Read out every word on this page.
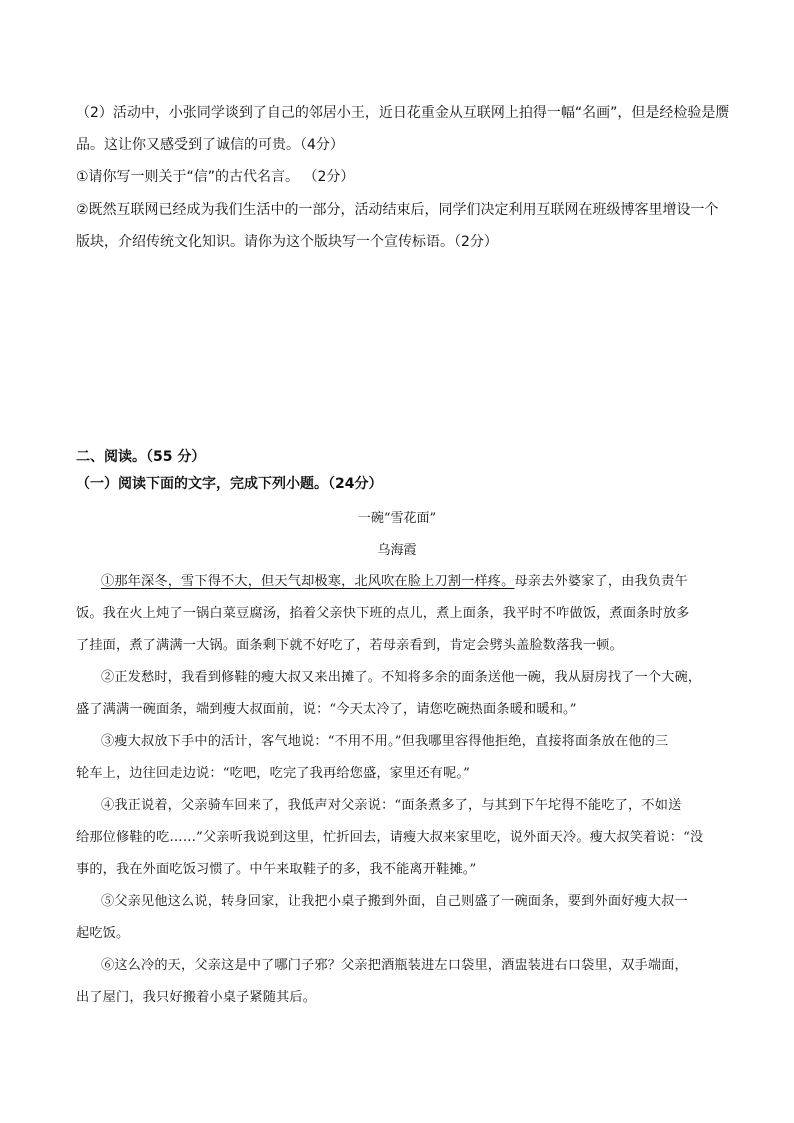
（2）活动中，小张同学谈到了自己的邻居小王，近日花重金从互联网上拍得一幅“名画”，但是经检验是赝
品。这让你又感受到了诚信的可贵。（4分）
①请你写一则关于“信”的古代名言。 （2分）
②既然互联网已经成为我们生活中的一部分，活动结束后，同学们决定利用互联网在班级博客里增设一个
版块，介绍传统文化知识。请你为这个版块写一个宣传标语。（2分）
二、阅读。（55 分）
（一）阅读下面的文字，完成下列小题。（24分）
一碗“雪花面”
乌海霞
①那年深冬，雪下得不大，但天气却极寒，北风吹在脸上刀割一样疼。母亲去外婆家了，由我负责午
饭。我在火上炖了一锅白菜豆腐汤，掐着父亲快下班的点儿，煮上面条，我平时不咋做饭，煮面条时放多
了挂面，煮了满满一大锅。面条剩下就不好吃了，若母亲看到，肯定会劈头盖脸数落我一顿。
②正发愁时，我看到修鞋的瘦大叔又来出摊了。不知将多余的面条送他一碗，我从厨房找了一个大碗，
盛了满满一碗面条，端到瘦大叔面前，说：“今天太冷了，请您吃碗热面条暖和暖和。”
③瘦大叔放下手中的活计，客气地说：“不用不用。”但我哪里容得他拒绝，直接将面条放在他的三
轮车上，边往回走边说：“吃吧，吃完了我再给您盛，家里还有呢。”
④我正说着，父亲骑车回来了，我低声对父亲说：“面条煮多了，与其到下午坨得不能吃了，不如送
给那位修鞋的吃……”父亲听我说到这里，忙折回去，请瘦大叔来家里吃，说外面天冷。瘦大叔笑着说：“没
事的，我在外面吃饭习惯了。中午来取鞋子的多，我不能离开鞋摊。”
⑤父亲见他这么说，转身回家，让我把小桌子搬到外面，自己则盛了一碗面条，要到外面好瘦大叔一
起吃饭。
⑥这么冷的天，父亲这是中了哪门子邪？父亲把酒瓶装进左口袋里，酒盅装进右口袋里，双手端面，
出了屋门，我只好搬着小桌子紧随其后。
